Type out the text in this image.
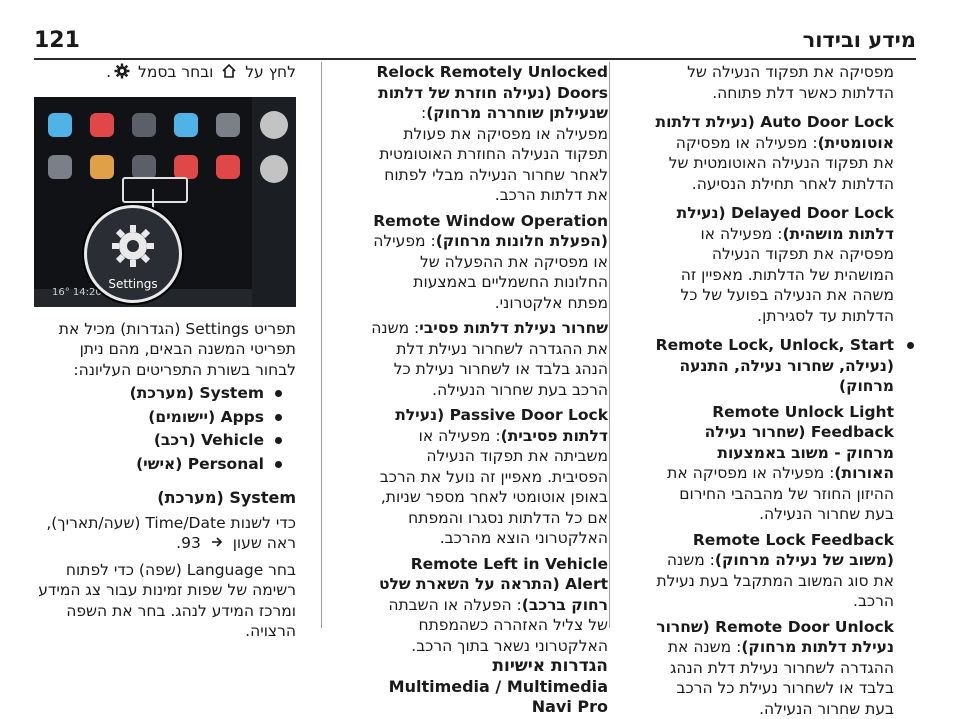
מידע ובידור
121

מפסיקה את תפקוד הנעילה של

הדלתות כאשר דלת פתוחה.

Auto Door Lock (נעילת דלתות אוטומטית): מפעילה או מפסיקה את תפקוד הנעילה האוטומטית של הדלתות לאחר תחילת הנסיעה.

Delayed Door Lock (נעילת דלתות מושהית): מפעילה או מפסיקה את תפקוד הנעילה המושהית של הדלתות. מאפיין זה משהה את הנעילה בפועל של כל הדלתות עד לסגירתן.

Remote Lock, Unlock, Start (נעילה, שחרור נעילה, התנעה מרחוק)

Remote Unlock Light Feedback (שחרור נעילה מרחוק - משוב באמצעות האורות): מפעילה או מפסיקה את ההיזון החוזר של מהבהבי החירום בעת שחרור הנעילה.

Remote Lock Feedback (משוב של נעילה מרחוק): משנה את סוג המשוב המתקבל בעת נעילת הרכב.

Remote Door Unlock (שחרור נעילת דלתות מרחוק): משנה את ההגדרה לשחרור נעילת דלת הנהג בלבד או לשחרור נעילת כל הרכב בעת שחרור הנעילה.

Relock Remotely Unlocked Doors (נעילה חוזרת של דלתות שנעילתן שוחררה מרחוק): מפעילה או מפסיקה את פעולת תפקוד הנעילה החוזרת האוטומטית לאחר שחרור הנעילה מבלי לפתוח את דלתות הרכב.

Remote Window Operation (הפעלת חלונות מרחוק): מפעילה או מפסיקה את ההפעלה של החלונות החשמליים באמצעות מפתח אלקטרוני.

שחרור נעילת דלתות פסיבי: משנה את ההגדרה לשחרור נעילת דלת הנהג בלבד או לשחרור נעילת כל הרכב בעת שחרור הנעילה.

Passive Door Lock (נעילת דלתות פסיבית): מפעילה או משביתה את תפקוד הנעילה הפסיבית. מאפיין זה נועל את הרכב באופן אוטומטי לאחר מספר שניות, אם כל הדלתות נסגרו והמפתח האלקטרוני הוצא מהרכב.

Remote Left in Vehicle Alert (התראה על השארת שלט רחוק ברכב): הפעלה או השבתה של צליל האזהרה כשהמפתח האלקטרוני נשאר בתוך הרכב.

הגדרות אישיות

Multimedia / Multimedia Navi Pro

לחץ על
ובחר בסמל
.

16° 14:20
Settings

תפריט Settings (הגדרות) מכיל את תפריטי המשנה הבאים, מהם ניתן לבחור בשורת התפריטים העליונה:

System (מערכת)
Apps (יישומים)
Vehicle (רכב)
Personal (אישי)

System (מערכת)

כדי לשנות Time/Date (שעה/תאריך), ראה שעון
93.

בחר Language (שפה) כדי לפתוח רשימה של שפות זמינות עבור צג המידע ומרכז המידע לנהג. בחר את השפה הרצויה.
